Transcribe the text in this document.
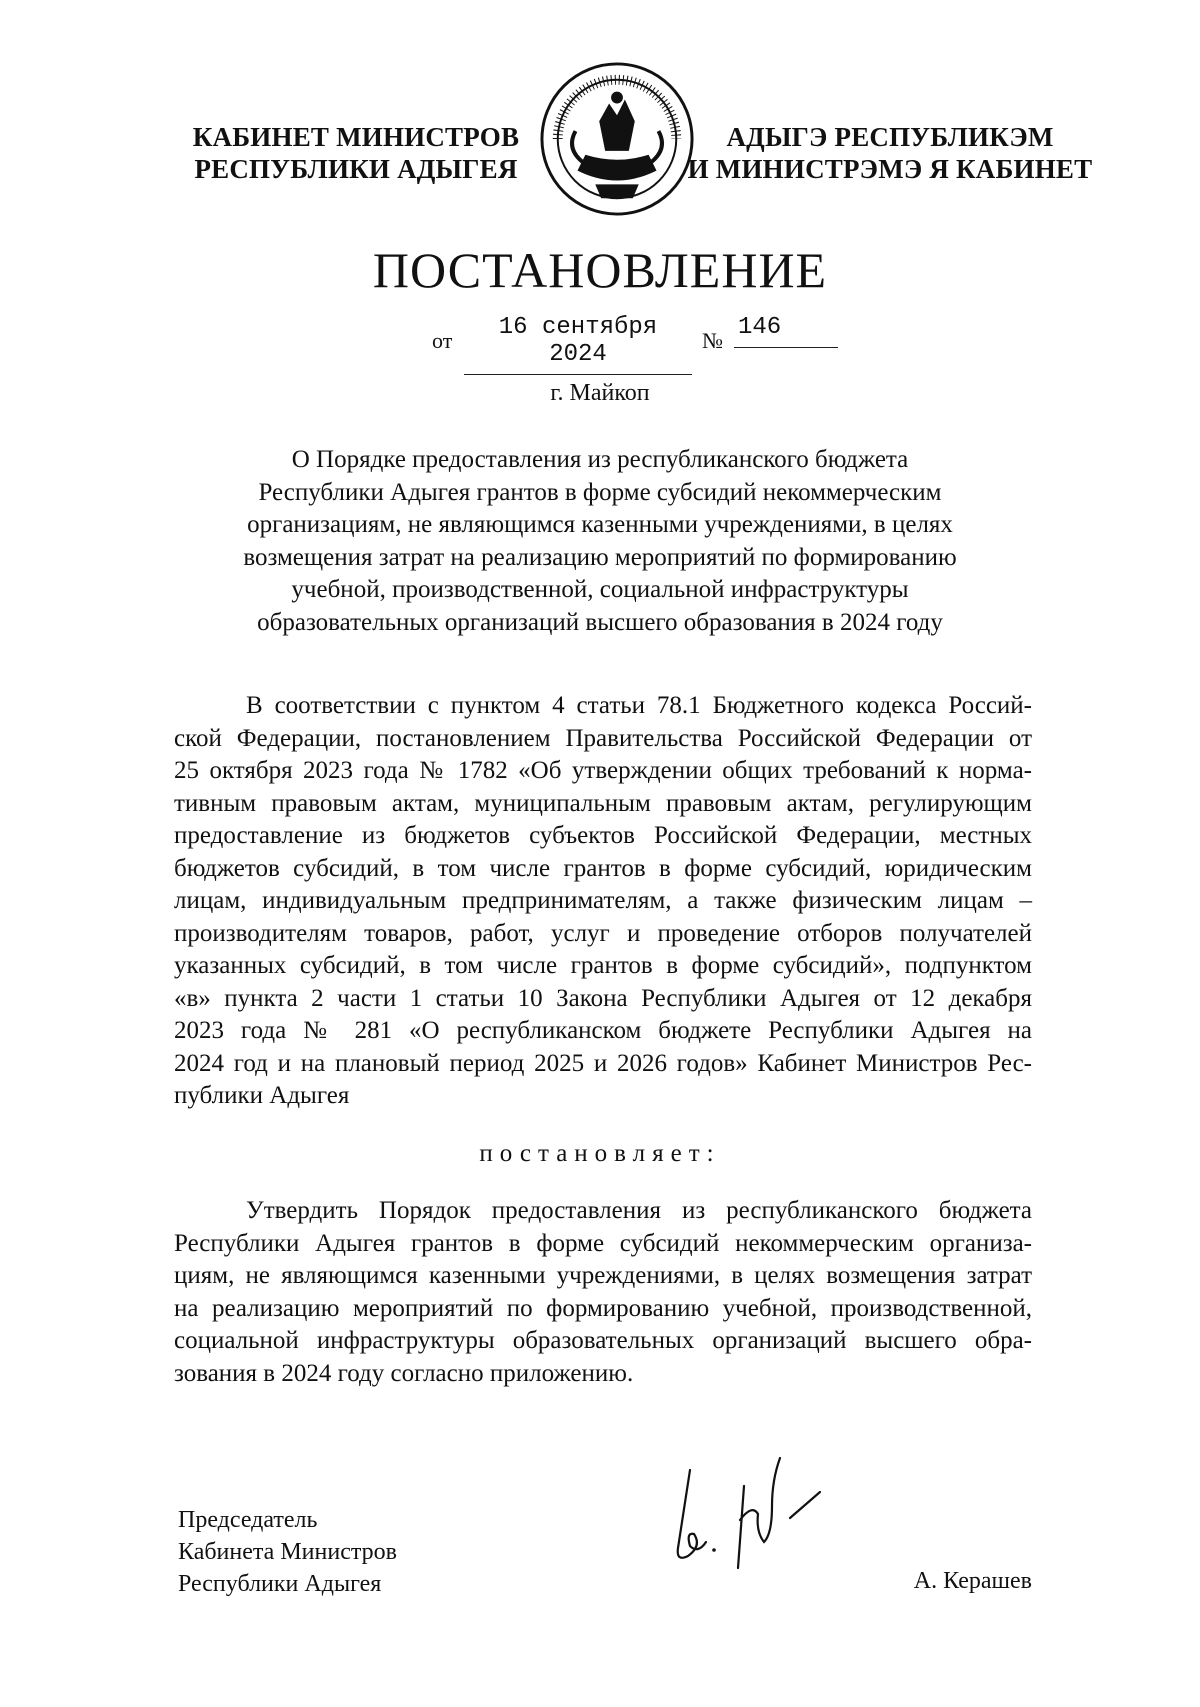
КАБИНЕТ МИНИСТРОВ
РЕСПУБЛИКИ АДЫГЕЯ
АДЫГЭ РЕСПУБЛИКЭМ
И МИНИСТРЭМЭ Я КАБИНЕТ
ПОСТАНОВЛЕНИЕ
от	16 сентября 2024
№ 146
г. Майкоп
О Порядке предоставления из республиканского бюджета
Республики Адыгея грантов в форме субсидий некоммерческим
организациям, не являющимся казенными учреждениями, в целях
возмещения затрат на реализацию мероприятий по формированию
учебной, производственной, социальной инфраструктуры
образовательных организаций высшего образования в 2024 году
В соответствии с пунктом 4 статьи 78.1 Бюджетного кодекса Россий-
ской Федерации, постановлением Правительства Российской Федерации от
25 октября 2023 года № 1782 «Об утверждении общих требований к норма-
тивным правовым актам, муниципальным правовым актам, регулирующим
предоставление из бюджетов субъектов Российской Федерации, местных
бюджетов субсидий, в том числе грантов в форме субсидий, юридическим
лицам, индивидуальным предпринимателям, а также физическим лицам –
производителям товаров, работ, услуг и проведение отборов получателей
указанных субсидий, в том числе грантов в форме субсидий», подпунктом
«в» пункта 2 части 1 статьи 10 Закона Республики Адыгея от 12 декабря
2023 года № 281 «О республиканском бюджете Республики Адыгея на
2024 год и на плановый период 2025 и 2026 годов» Кабинет Министров Рес-
публики Адыгея
постановляет:
Утвердить Порядок предоставления из республиканского бюджета
Республики Адыгея грантов в форме субсидий некоммерческим организа-
циям, не являющимся казенными учреждениями, в целях возмещения затрат
на реализацию мероприятий по формированию учебной, производственной,
социальной инфраструктуры образовательных организаций высшего обра-
зования в 2024 году согласно приложению.
Председатель
Кабинета Министров
Республики Адыгея	А. Керашев
